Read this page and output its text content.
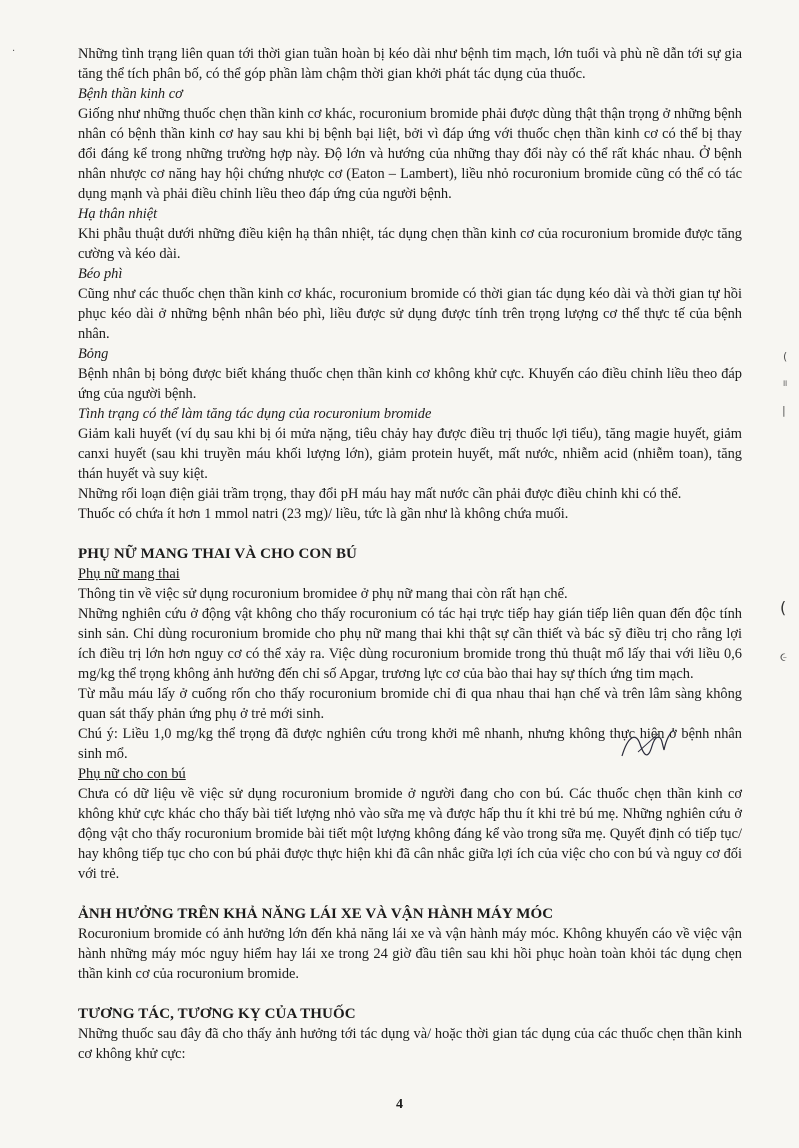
Những tình trạng liên quan tới thời gian tuần hoàn bị kéo dài như bệnh tim mạch, lớn tuổi và phù nề dẫn tới sự gia tăng thể tích phân bố, có thể góp phần làm chậm thời gian khởi phát tác dụng của thuốc.

Bệnh thần kinh cơ

Giống như những thuốc chẹn thần kinh cơ khác, rocuronium bromide phải được dùng thật thận trọng ở những bệnh nhân có bệnh thần kinh cơ hay sau khi bị bệnh bại liệt, bởi vì đáp ứng với thuốc chẹn thần kinh cơ có thể bị thay đổi đáng kể trong những trường hợp này. Độ lớn và hướng của những thay đổi này có thể rất khác nhau. Ở bệnh nhân nhược cơ năng hay hội chứng nhược cơ (Eaton – Lambert), liều nhỏ rocuronium bromide cũng có thể có tác dụng mạnh và phải điều chỉnh liều theo đáp ứng của người bệnh.

Hạ thân nhiệt

Khi phẫu thuật dưới những điều kiện hạ thân nhiệt, tác dụng chẹn thần kinh cơ của rocuronium bromide được tăng cường và kéo dài.

Béo phì

Cũng như các thuốc chẹn thần kinh cơ khác, rocuronium bromide có thời gian tác dụng kéo dài và thời gian tự hồi phục kéo dài ở những bệnh nhân béo phì, liều được sử dụng được tính trên trọng lượng cơ thể thực tế của bệnh nhân.

Bỏng

Bệnh nhân bị bỏng được biết kháng thuốc chẹn thần kinh cơ không khử cực. Khuyến cáo điều chỉnh liều theo đáp ứng của người bệnh.

Tình trạng có thể làm tăng tác dụng của rocuronium bromide

Giảm kali huyết (ví dụ sau khi bị ói mửa nặng, tiêu chảy hay được điều trị thuốc lợi tiểu), tăng magie huyết, giảm canxi huyết (sau khi truyền máu khối lượng lớn), giảm protein huyết, mất nước, nhiễm acid (nhiễm toan), tăng thán huyết và suy kiệt.

Những rối loạn điện giải trầm trọng, thay đổi pH máu hay mất nước cần phải được điều chỉnh khi có thể.

Thuốc có chứa ít hơn 1 mmol natri (23 mg)/ liều, tức là gần như là không chứa muối.

PHỤ NỮ MANG THAI VÀ CHO CON BÚ

Phụ nữ mang thai

Thông tin về việc sử dụng rocuronium bromidee ở phụ nữ mang thai còn rất hạn chế.

Những nghiên cứu ở động vật không cho thấy rocuronium có tác hại trực tiếp hay gián tiếp liên quan đến độc tính sinh sản. Chỉ dùng rocuronium bromide cho phụ nữ mang thai khi thật sự cần thiết và bác sỹ điều trị cho rằng lợi ích điều trị lớn hơn nguy cơ có thể xảy ra. Việc dùng rocuronium bromide trong thủ thuật mổ lấy thai với liều 0,6 mg/kg thể trọng không ảnh hưởng đến chỉ số Apgar, trương lực cơ của bào thai hay sự thích ứng tim mạch.

Từ mẫu máu lấy ở cuống rốn cho thấy rocuronium bromide chỉ đi qua nhau thai hạn chế và trên lâm sàng không quan sát thấy phản ứng phụ ở trẻ mới sinh.

Chú ý: Liều 1,0 mg/kg thể trọng đã được nghiên cứu trong khởi mê nhanh, nhưng không thực hiện ở bệnh nhân sinh mổ.

Phụ nữ cho con bú

Chưa có dữ liệu về việc sử dụng rocuronium bromide ở người đang cho con bú. Các thuốc chẹn thần kinh cơ không khử cực khác cho thấy bài tiết lượng nhỏ vào sữa mẹ và được hấp thu ít khi trẻ bú mẹ. Những nghiên cứu ở động vật cho thấy rocuronium bromide bài tiết một lượng không đáng kể vào trong sữa mẹ. Quyết định có tiếp tục/ hay không tiếp tục cho con bú phải được thực hiện khi đã cân nhắc giữa lợi ích của việc cho con bú và nguy cơ đối với trẻ.

ẢNH HƯỞNG TRÊN KHẢ NĂNG LÁI XE VÀ VẬN HÀNH MÁY MÓC

Rocuronium bromide có ảnh hưởng lớn đến khả năng lái xe và vận hành máy móc. Không khuyến cáo về việc vận hành những máy móc nguy hiểm hay lái xe trong 24 giờ đầu tiên sau khi hồi phục hoàn toàn khỏi tác dụng chẹn thần kinh cơ của rocuronium bromide.

TƯƠNG TÁC, TƯƠNG KỴ CỦA THUỐC

Những thuốc sau đây đã cho thấy ảnh hưởng tới tác dụng và/ hoặc thời gian tác dụng của các thuốc chẹn thần kinh cơ không khử cực:

4
·
(
॥
|
(
૯
